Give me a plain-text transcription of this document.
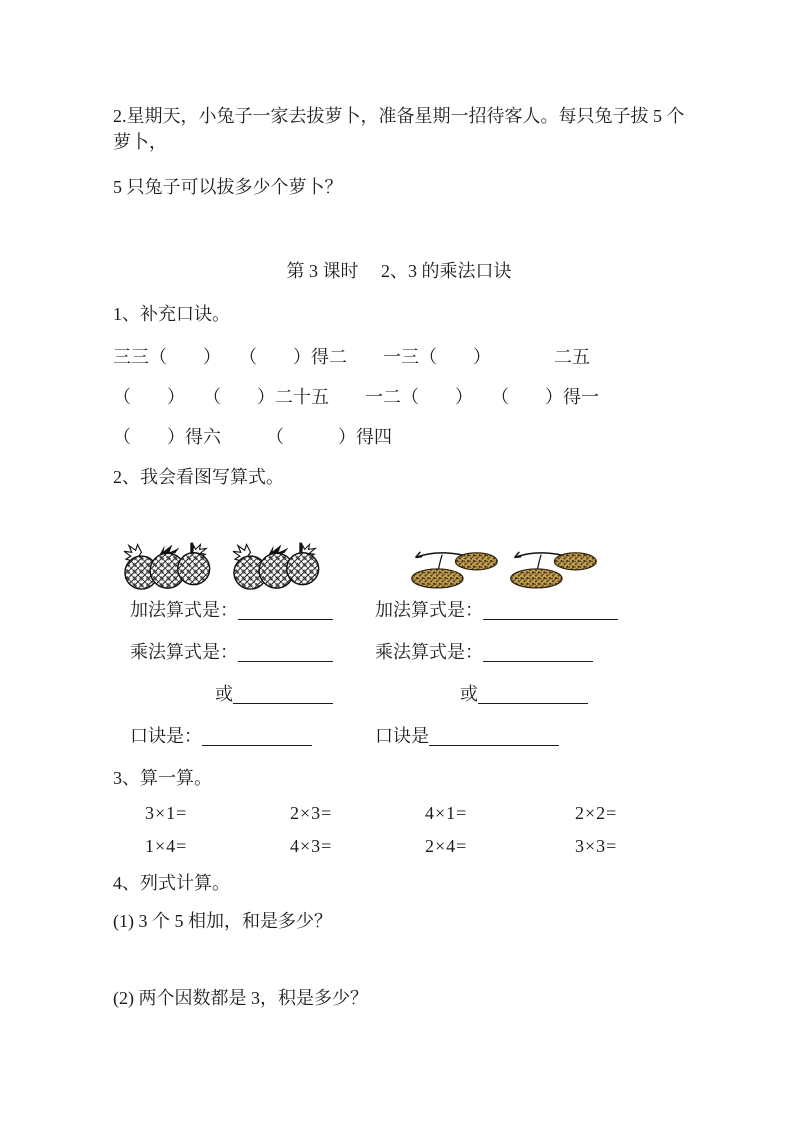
2.星期天，小兔子一家去拔萝卜，准备星期一招待客人。每只兔子拔 5 个萝卜，

5 只兔子可以拔多少个萝卜？

第 3 课时　 2、3 的乘法口诀

1、补充口诀。

三三（　　）　　（　　）得二　　一三（　　）　　　　二五

（　　）　　（　　）二十五　　一二（　　）　　（　　）得一

（　　）得六　　　（　　　）得四

2、我会看图写算式。

加法算式是：	加法算式是：
乘法算式是：	乘法算式是：
或	或
口诀是：	口诀是

3、算一算。

3×1=	2×3=	4×1=	2×2=
1×4=	4×3=	2×4=	3×3=

4、列式计算。

(1) 3 个 5 相加，和是多少？

(2) 两个因数都是 3，积是多少？
